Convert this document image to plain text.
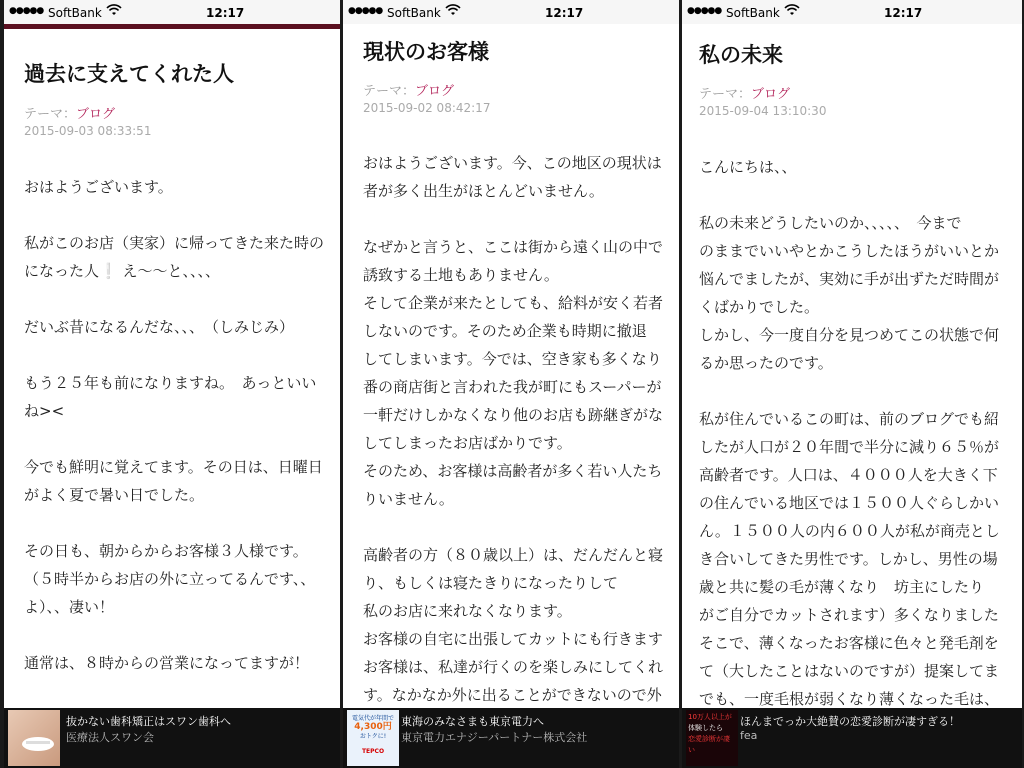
●●●●● SoftBank	12:17
過去に支えてくれた人
テーマ：ブログ
2015-09-03 08:33:51
おはようございます。
私がこのお店（実家）に帰ってきた来た時の
になった人❕ え〜〜と、、、、
だいぶ昔になるんだな、、、　（しみじみ）
もう２５年も前になりますね。　あっといい
ね><
今でも鮮明に覚えてます。その日は、日曜日
がよく夏で暑い日でした。
その日も、朝からからお客様３人様です。
（５時半からお店の外に立ってるんです、、
よ）、、凄い！
通常は、８時からの営業になってますが！
抜かない歯科矯正はスワン歯科へ
医療法人スワン会
●●●●● SoftBank	12:17
現状のお客様
テーマ：ブログ
2015-09-02 08:42:17
おはようございます。今、この地区の現状は
者が多く出生がほとんどいません。
なぜかと言うと、ここは街から遠く山の中で
誘致する土地もありません。
そして企業が来たとしても、給料が安く若者
しないのです。そのため企業も時期に撤退
してしまいます。今では、空き家も多くなり
番の商店街と言われた我が町にもスーパーが
一軒だけしかなくなり他のお店も跡継ぎがな
してしまったお店ばかりです。
そのため、お客様は高齢者が多く若い人たち
りいません。
高齢者の方（８０歳以上）は、だんだんと寝
り、もしくは寝たきりになったりして
私のお店に来れなくなります。
お客様の自宅に出張してカットにも行きます
お客様は、私達が行くのを楽しみにしてくれ
す。なかなか外に出ることができないので外
電気代が年間で
4,300円
おトクに!
TEPCO
東海のみなさまも東京電力へ
東京電力エナジーパートナー株式会社
●●●●● SoftBank	12:17
私の未来
テーマ：ブログ
2015-09-04 13:10:30
こんにちは、、
私の未来どうしたいのか、、、、、　今まで
のままでいいやとかこうしたほうがいいとか
悩んでましたが、実効に手が出ずただ時間が
くばかりでした。
しかし、今一度自分を見つめてこの状態で何
るか思ったのです。
私が住んでいるこの町は、前のブログでも紹
したが人口が２０年間で半分に減り６５％が
高齢者です。人口は、４０００人を大きく下
の住んでいる地区では１５００人ぐらしかい
ん。１５００人の内６００人が私が商売とし
き合いしてきた男性です。しかし、男性の場
歳と共に髪の毛が薄くなり　坊主にしたり
がご自分でカットされます）多くなりました
そこで、薄くなったお客様に色々と発毛剤を
て（大したことはないのですが）提案してま
でも、一度毛根が弱くなり薄くなった毛は、
10万人以上が
体験したら
恋愛診断が凄い
ほんまでっか大絶賛の恋愛診断が凄すぎる！
fea
